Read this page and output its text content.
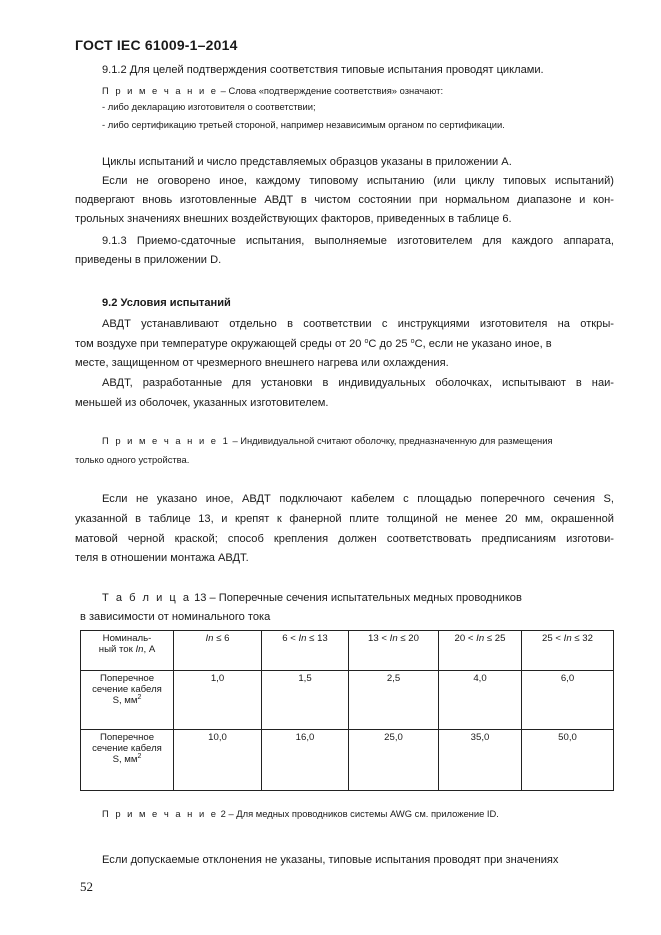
ГОСТ IEC 61009-1–2014
9.1.2 Для целей подтверждения соответствия типовые испытания проводят циклами.
П р и м е ч а н и е – Слова «подтверждение соответствия» означают:
- либо декларацию изготовителя о соответствии;
- либо сертификацию третьей стороной, например независимым органом по сертификации.
Циклы испытаний и число представляемых образцов указаны в приложении А.
Если не оговорено иное, каждому типовому испытанию (или циклу типовых испытаний)
подвергают вновь изготовленные АВДТ в чистом состоянии при нормальном диапазоне и кон-
трольных значениях внешних воздействующих факторов, приведенных в таблице 6.
9.1.3 Приемо-сдаточные испытания, выполняемые изготовителем для каждого аппарата,
приведены в приложении D.
9.2 Условия испытаний
АВДТ устанавливают отдельно в соответствии с инструкциями изготовителя на откры-
том воздухе при температуре окружающей среды от 20 $^о$С до 25 $^о$С, если не указано иное, в
месте, защищенном от чрезмерного внешнего нагрева или охлаждения.
АВДТ, разработанные для установки в индивидуальных оболочках, испытывают в наи-
меньшей из оболочек, указанных изготовителем.
П р и м е ч а н и е 1 – Индивидуальной считают оболочку, предназначенную для размещения
только одного устройства.
Если не указано иное, АВДТ подключают кабелем с площадью поперечного сечения S,
указанной в таблице 13, и крепят к фанерной плите толщиной не менее 20 мм, окрашенной
матовой черной краской; способ крепления должен соответствовать предписаниям изготови-
теля в отношении монтажа АВДТ.
Т а б л и ц а 13 – Поперечные сечения испытательных медных проводников
в зависимости от номинального тока
Номиналь-
ный ток In, А	In ≤ 6	6 < In ≤ 13	13 < In ≤ 20	20 < In ≤ 25	25 < In ≤ 32
Поперечное
сечение кабеля
S, $мм^2$	1,0	1,5	2,5	4,0	6,0
Поперечное
сечение кабеля
S, $мм^2$	10,0	16,0	25,0	35,0	50,0
П р и м е ч а н и е 2 – Для медных проводников системы AWG см. приложение ID.
Если допускаемые отклонения не указаны, типовые испытания проводят при значениях
52
